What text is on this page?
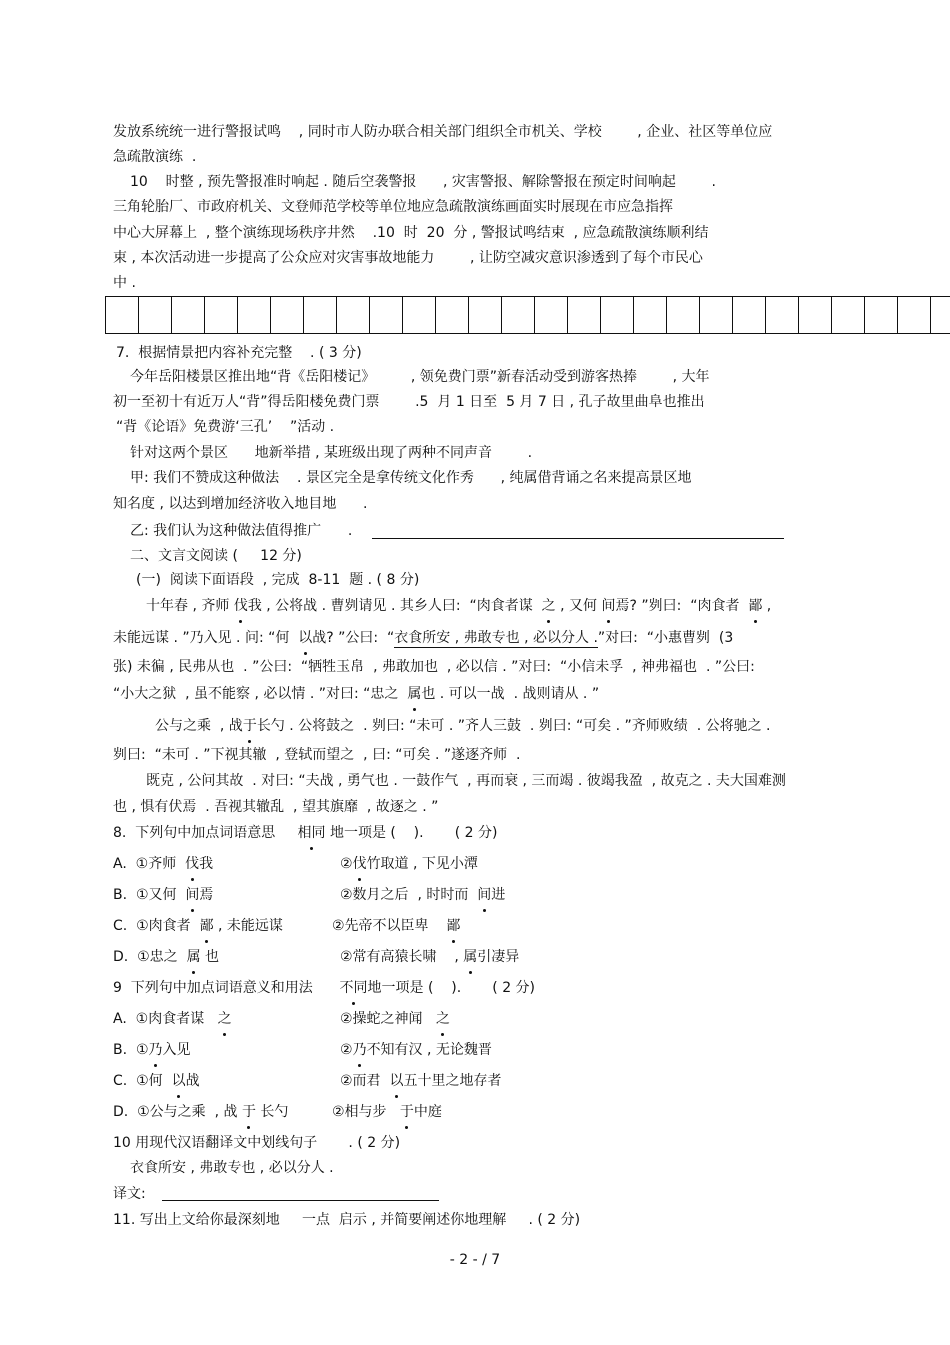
发放系统统一进行警报试鸣    , 同时市人防办联合相关部门组织全市机关、学校        , 企业、社区等单位应
急疏散演练  .
10    时整 , 预先警报准时响起 . 随后空袭警报      , 灾害警报、解除警报在预定时间响起        .
三角轮胎厂、市政府机关、文登师范学校等单位地应急疏散演练画面实时展现在市应急指挥
中心大屏幕上  , 整个演练现场秩序井然    .10  时  20  分 , 警报试鸣结束  , 应急疏散演练顺利结
束 , 本次活动进一步提高了公众应对灾害事故地能力        , 让防空减灾意识渗透到了每个市民心
中 .
7.  根据情景把内容补充完整    . ( 3 分)
今年岳阳楼景区推出地“背《岳阳楼记》        , 领免费门票”新春活动受到游客热捧        , 大年
初一至初十有近万人“背”得岳阳楼免费门票        .5  月 1 日至  5 月 7 日 , 孔子故里曲阜也推出
“背《论语》免费游‘三孔’    ”活动 .
针对这两个景区      地新举措 , 某班级出现了两种不同声音        .
甲: 我们不赞成这种做法    . 景区完全是拿传统文化作秀      , 纯属借背诵之名来提高景区地
知名度 , 以达到增加经济收入地目地      .
乙: 我们认为这种做法值得推广      .
二、文言文阅读 (     12 分)
(一)  阅读下面语段  , 完成  8-11  题 . ( 8 分)
十年春 , 齐师 伐我 , 公将战 . 曹刿请见 . 其乡人曰:  “肉食者谋  之 , 又何 间焉? ”刿曰:  “肉食者  鄙 ,
未能远谋 . ”乃入见 . 问: “何  以战? ”公曰:  “衣食所安 , 弗敢专也 , 必以分人 .”对曰:  “小惠曹刿  (3
张) 未徧 , 民弗从也  . ”公曰:  “牺牲玉帛  , 弗敢加也  , 必以信 . ”对曰:  “小信未孚  , 神弗福也  . ”公曰:
“小大之狱  , 虽不能察 , 必以情 . ”对曰: “忠之  属也 . 可以一战  . 战则请从 . ”
公与之乘  , 战于长勺 . 公将鼓之  . 刿曰: “未可 . ”齐人三鼓  . 刿曰: “可矣 . ”齐师败绩  . 公将驰之 .
刿曰:  “未可 . ”下视其辙  , 登轼而望之  , 曰: “可矣 . ”遂逐齐师  .
既克 , 公问其故  . 对曰: “夫战 , 勇气也 . 一鼓作气  , 再而衰 , 三而竭 . 彼竭我盈  , 故克之 . 夫大国难测
也 , 惧有伏焉  . 吾视其辙乱  , 望其旗靡  , 故逐之 . ”
8.  下列句中加点词语意思     相同 地一项是 (    ).       ( 2 分)
A.  ①齐师  伐我	②伐竹取道 , 下见小潭
B.  ①又何  间焉	②数月之后  , 时时而  间进
C.  ①肉食者  鄙 , 未能远谋	②先帝不以臣卑    鄙
D.  ①忠之  属 也	②常有高猿长啸    , 属引凄异
9  下列句中加点词语意义和用法      不同地一项是 (    ).       ( 2 分)
A.  ①肉食者谋   之	②操蛇之神闻   之
B.  ①乃入见	②乃不知有汉 , 无论魏晋
C.  ①何  以战	②而君  以五十里之地存者
D.  ①公与之乘  , 战 于 长勺	②相与步   于中庭
10 用现代汉语翻译文中划线句子       . ( 2 分)
衣食所安 , 弗敢专也 , 必以分人 .
译文:
11. 写出上文给你最深刻地     一点  启示 , 并简要阐述你地理解     . ( 2 分)
- 2 - / 7
